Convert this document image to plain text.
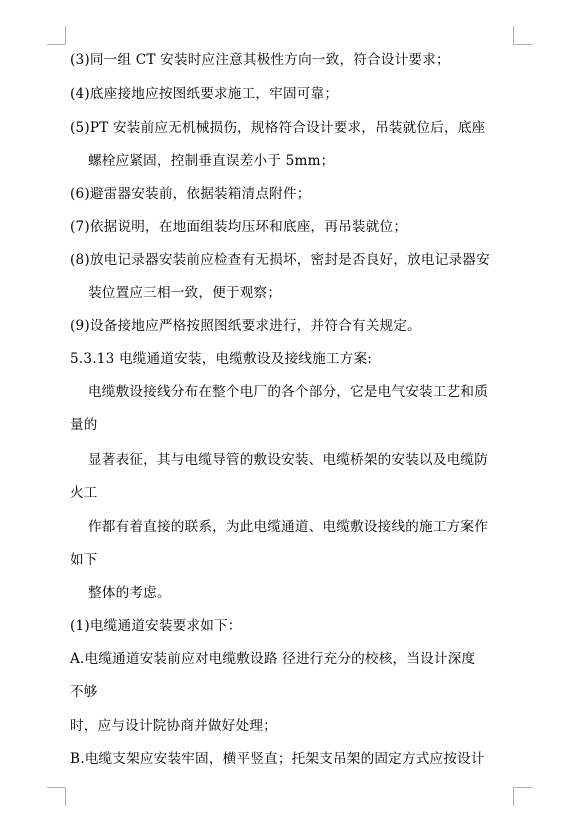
(3)同一组 CT 安装时应注意其极性方向一致，符合设计要求；
(4)底座接地应按图纸要求施工，牢固可靠；
(5)PT 安装前应无机械损伤，规格符合设计要求，吊装就位后，底座
螺栓应紧固，控制垂直误差小于 5mm；
(6)避雷器安装前，依据装箱清点附件；
(7)依据说明，在地面组装均压环和底座，再吊装就位；
(8)放电记录器安装前应检查有无损坏，密封是否良好，放电记录器安
装位置应三相一致，便于观察；
(9)设备接地应严格按照图纸要求进行，并符合有关规定。
5.3.13 电缆通道安装，电缆敷设及接线施工方案:
电缆敷设接线分布在整个电厂的各个部分，它是电气安装工艺和质
量的
显著表征，其与电缆导管的敷设安装、电缆桥架的安装以及电缆防
火工
作都有着直接的联系，为此电缆通道、电缆敷设接线的施工方案作
如下
整体的考虑。
(1)电缆通道安装要求如下：
A.电缆通道安装前应对电缆敷设路 径进行充分的校核，当设计深度
不够
时，应与设计院协商并做好处理；
B.电缆支架应安装牢固，横平竖直；托架支吊架的固定方式应按设计
